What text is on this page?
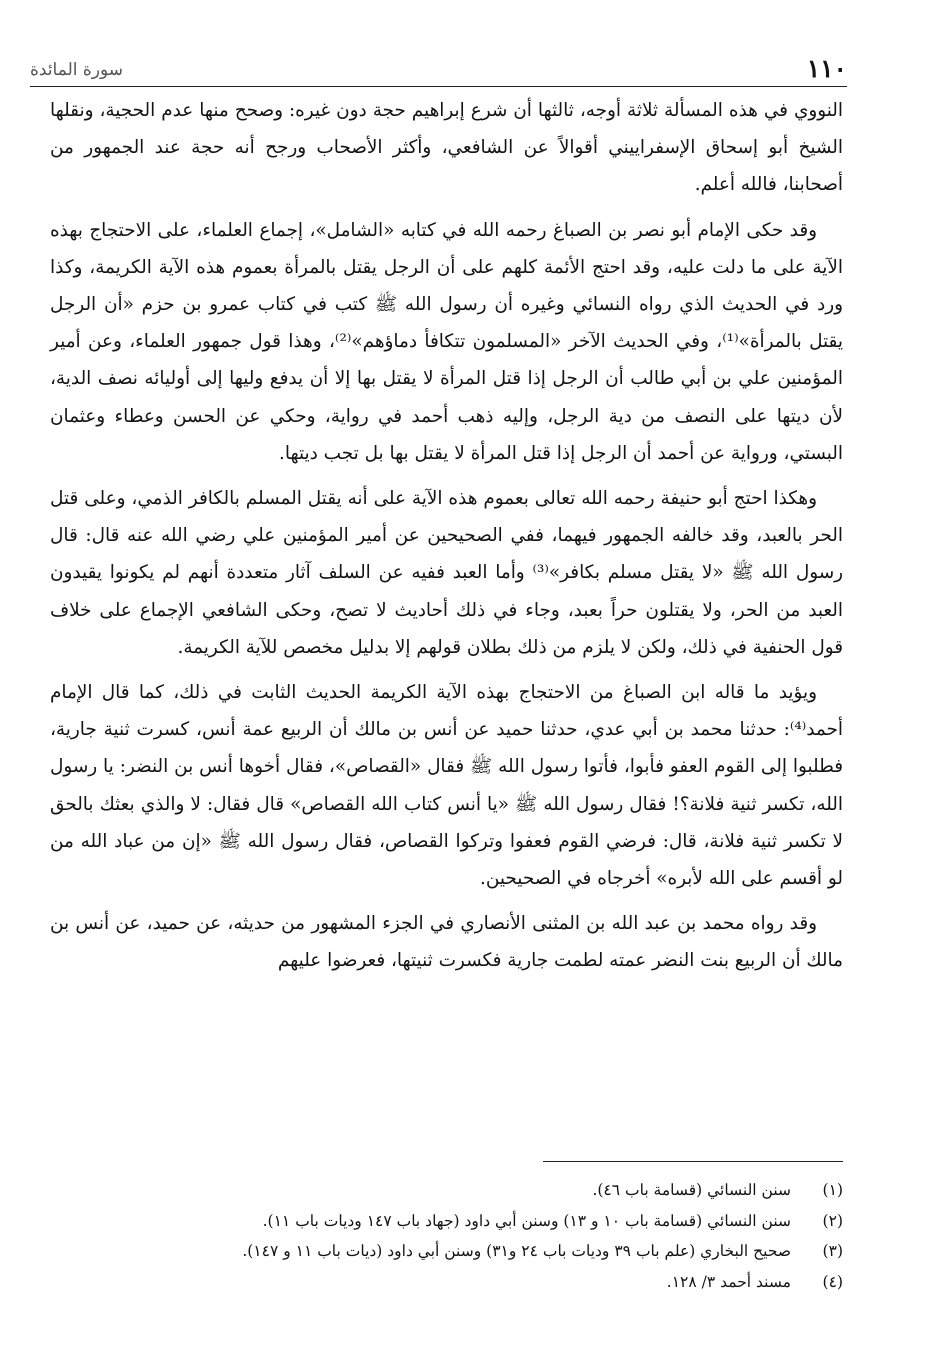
١١٠
سورة المائدة

النووي في هذه المسألة ثلاثة أوجه، ثالثها أن شرع إبراهيم حجة دون غيره: وصحح منها عدم الحجية، ونقلها الشيخ أبو إسحاق الإسفراييني أقوالاً عن الشافعي، وأكثر الأصحاب ورجح أنه حجة عند الجمهور من أصحابنا، فالله أعلم.

وقد حكى الإمام أبو نصر بن الصباغ رحمه الله في كتابه «الشامل»، إجماع العلماء، على الاحتجاج بهذه الآية على ما دلت عليه، وقد احتج الأئمة كلهم على أن الرجل يقتل بالمرأة بعموم هذه الآية الكريمة، وكذا ورد في الحديث الذي رواه النسائي وغيره أن رسول الله ﷺ كتب في كتاب عمرو بن حزم «أن الرجل يقتل بالمرأة»⁽¹⁾، وفي الحديث الآخر «المسلمون تتكافأ دماؤهم»⁽²⁾، وهذا قول جمهور العلماء، وعن أمير المؤمنين علي بن أبي طالب أن الرجل إذا قتل المرأة لا يقتل بها إلا أن يدفع وليها إلى أوليائه نصف الدية، لأن ديتها على النصف من دية الرجل، وإليه ذهب أحمد في رواية، وحكي عن الحسن وعطاء وعثمان البستي، ورواية عن أحمد أن الرجل إذا قتل المرأة لا يقتل بها بل تجب ديتها.

وهكذا احتج أبو حنيفة رحمه الله تعالى بعموم هذه الآية على أنه يقتل المسلم بالكافر الذمي، وعلى قتل الحر بالعبد، وقد خالفه الجمهور فيهما، ففي الصحيحين عن أمير المؤمنين علي رضي الله عنه قال: قال رسول الله ﷺ «لا يقتل مسلم بكافر»⁽³⁾ وأما العبد ففيه عن السلف آثار متعددة أنهم لم يكونوا يقيدون العبد من الحر، ولا يقتلون حراً بعبد، وجاء في ذلك أحاديث لا تصح، وحكى الشافعي الإجماع على خلاف قول الحنفية في ذلك، ولكن لا يلزم من ذلك بطلان قولهم إلا بدليل مخصص للآية الكريمة.

ويؤيد ما قاله ابن الصباغ من الاحتجاج بهذه الآية الكريمة الحديث الثابت في ذلك، كما قال الإمام أحمد⁽⁴⁾: حدثنا محمد بن أبي عدي، حدثنا حميد عن أنس بن مالك أن الربيع عمة أنس، كسرت ثنية جارية، فطلبوا إلى القوم العفو فأبوا، فأتوا رسول الله ﷺ فقال «القصاص»، فقال أخوها أنس بن النضر: يا رسول الله، تكسر ثنية فلانة؟! فقال رسول الله ﷺ «يا أنس كتاب الله القصاص» قال فقال: لا والذي بعثك بالحق لا تكسر ثنية فلانة، قال: فرضي القوم فعفوا وتركوا القصاص، فقال رسول الله ﷺ «إن من عباد الله من لو أقسم على الله لأبره» أخرجاه في الصحيحين.

وقد رواه محمد بن عبد الله بن المثنى الأنصاري في الجزء المشهور من حديثه، عن حميد، عن أنس بن مالك أن الربيع بنت النضر عمته لطمت جارية فكسرت ثنيتها، فعرضوا عليهم

(١)سنن النسائي (قسامة باب ٤٦).
(٢)سنن النسائي (قسامة باب ١٠ و ١٣) وسنن أبي داود (جهاد باب ١٤٧ وديات باب ١١).
(٣)صحيح البخاري (علم باب ٣٩ وديات باب ٢٤ و٣١) وسنن أبي داود (ديات باب ١١ و ١٤٧).
(٤)مسند أحمد ٣/ ١٢٨.
